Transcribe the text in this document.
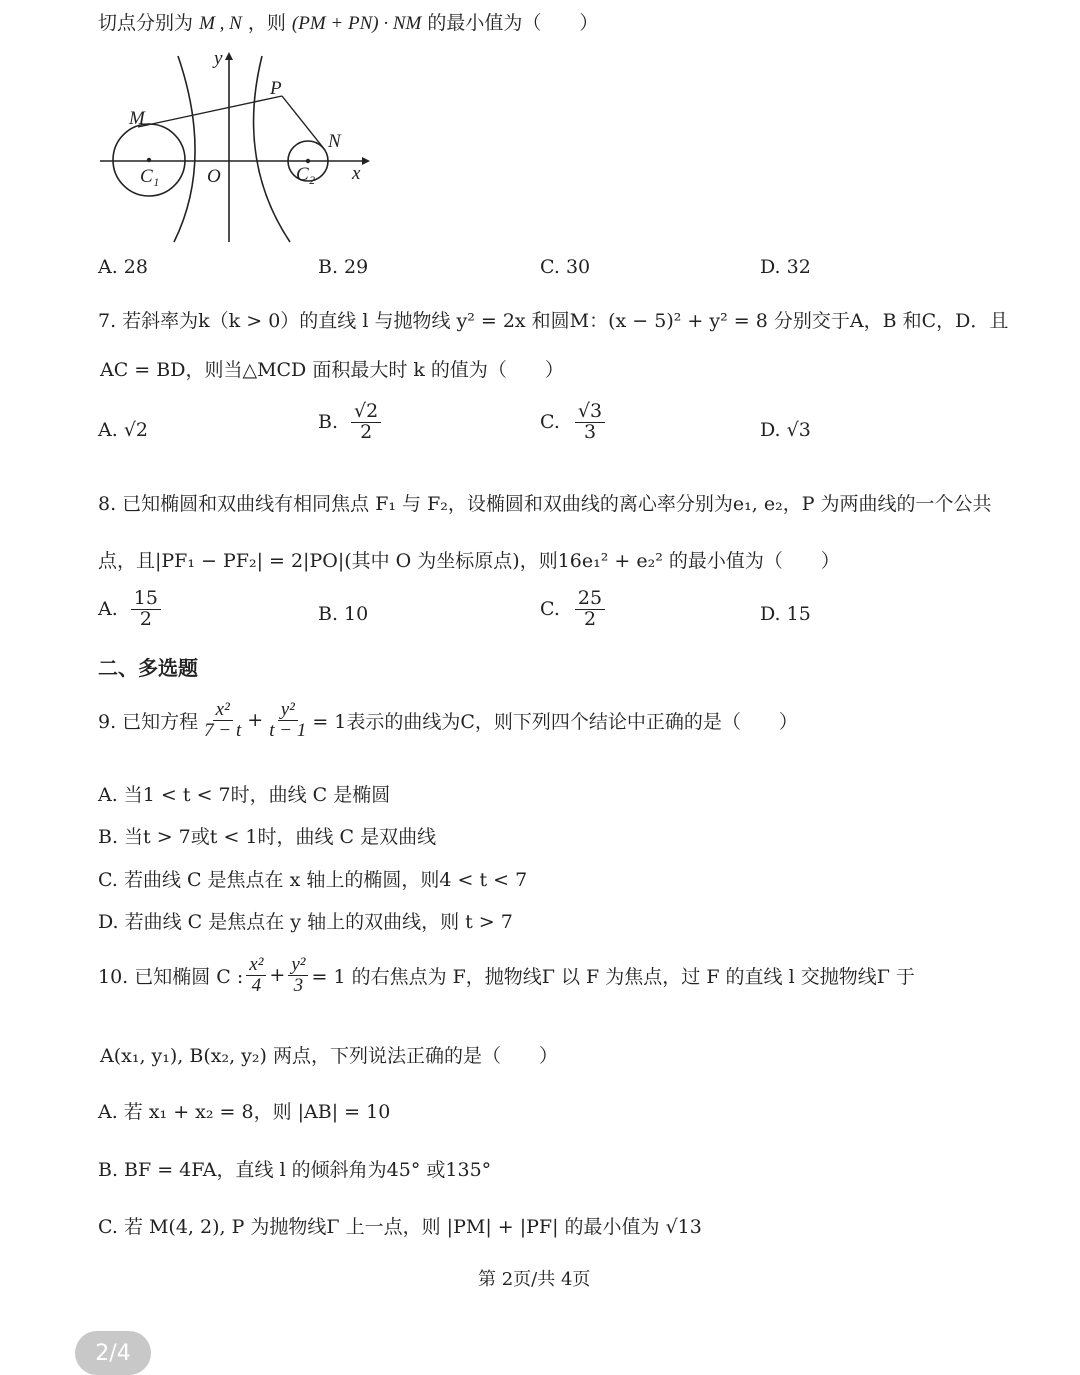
切点分别为 M , N ，则 (PM + PN) · NM 的最小值为（　　）
y
x
P
M
N
C₁	O	C₂
A. 28	B. 29	C. 30	D. 32
7. 若斜率为k（k > 0）的直线 l 与抛物线 y² = 2x 和圆M：(x − 5)² + y² = 8 分别交于A，B 和C，D．且
AC = BD，则当△MCD 面积最大时 k 的值为（　　）
A. √2	B. $\frac{√2}{2}$	C. $\frac{√3}{3}$	D. √3
8. 已知椭圆和双曲线有相同焦点 F₁ 与 F₂，设椭圆和双曲线的离心率分别为e₁, e₂，P 为两曲线的一个公共
点，且|PF₁ − PF₂| = 2|PO|(其中 O 为坐标原点)，则16e₁² + e₂² 的最小值为（　　）
A. $\frac{15}{2}$	B. 10	C. $\frac{25}{2}$	D. 15
二、多选题
9. 已知方程 $\frac{\text{x²}}{7 - t} + \frac{\text{y²}}{t - 1} = 1$表示的曲线为C，则下列四个结论中正确的是（　　）
A. 当1 < t < 7时，曲线 C 是椭圆
B. 当t > 7或t < 1时，曲线 C 是双曲线
C. 若曲线 C 是焦点在 x 轴上的椭圆，则4 < t < 7
D. 若曲线 C 是焦点在 y 轴上的双曲线，则 t > 7
10. 已知椭圆 C : $\frac{\text{x²}}{4} + \frac{\text{y²}}{3} = 1$ 的右焦点为 F，抛物线Γ 以 F 为焦点，过 F 的直线 l 交抛物线Γ 于
A(x₁, y₁), B(x₂, y₂) 两点，下列说法正确的是（　　）
A. 若 x₁ + x₂ = 8，则 |AB| = 10
B. BF = 4FA，直线 l 的倾斜角为45° 或135°
C. 若 M(4, 2), P 为抛物线Γ 上一点，则 |PM| + |PF| 的最小值为 √13
第 2页/共 4页
2/4
